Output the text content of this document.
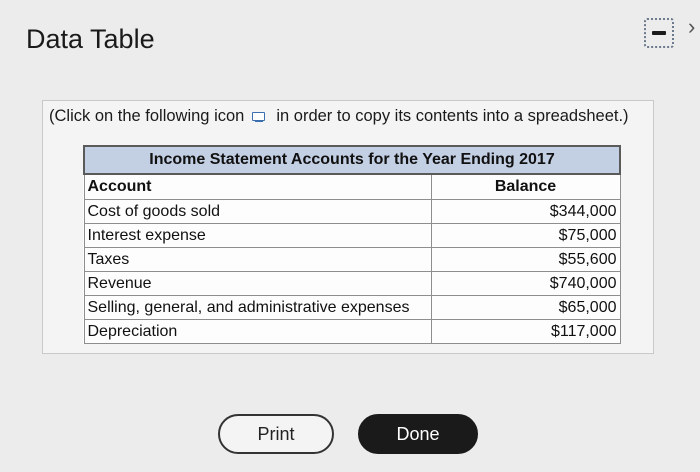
Data Table	›
(Click on the following icon in order to copy its contents into a spreadsheet.)
Income Statement Accounts for the Year Ending 2017	
Account	Balance
Cost of goods sold	$344,000
Interest expense	$75,000
Taxes	$55,600
Revenue	$740,000
Selling, general, and administrative expenses	$65,000
Depreciation	$117,000
Print	Done
